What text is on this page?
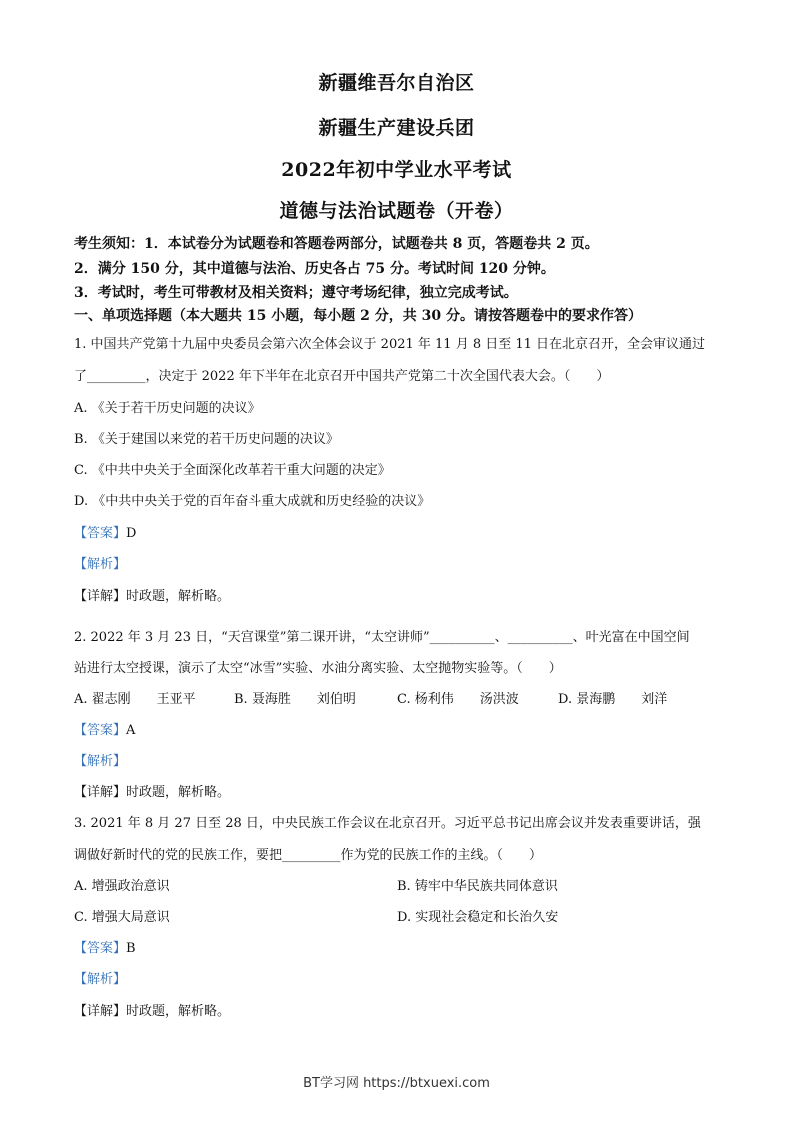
新疆维吾尔自治区
新疆生产建设兵团
2022年初中学业水平考试
道德与法治试题卷（开卷）
考生须知：1．本试卷分为试题卷和答题卷两部分，试题卷共 8 页，答题卷共 2 页。
2．满分 150 分，其中道德与法治、历史各占 75 分。考试时间 120 分钟。
3．考试时，考生可带教材及相关资料；遵守考场纪律，独立完成考试。
一、单项选择题（本大题共 15 小题，每小题 2 分，共 30 分。请按答题卷中的要求作答）
1. 中国共产党第十九届中央委员会第六次全体会议于 2021 年 11 月 8 日至 11 日在北京召开，全会审议通过
了_________，决定于 2022 年下半年在北京召开中国共产党第二十次全国代表大会。（　　）
A. 《关于若干历史问题的决议》
B. 《关于建国以来党的若干历史问题的决议》
C. 《中共中央关于全面深化改革若干重大问题的决定》
D. 《中共中央关于党的百年奋斗重大成就和历史经验的决议》
【答案】D
【解析】
【详解】时政题，解析略。
2. 2022 年 3 月 23 日，“天宫课堂”第二课开讲，“太空讲师”__________、__________、叶光富在中国空间
站进行太空授课，演示了太空“冰雪”实验、水油分离实验、太空抛物实验等。（　　）
A. 翟志刚　　王亚平	B. 聂海胜　　刘伯明	C. 杨利伟　　汤洪波	D. 景海鹏　　刘洋
【答案】A
【解析】
【详解】时政题，解析略。
3. 2021 年 8 月 27 日至 28 日，中央民族工作会议在北京召开。习近平总书记出席会议并发表重要讲话，强
调做好新时代的党的民族工作，要把_________作为党的民族工作的主线。（　　）
A. 增强政治意识	B. 铸牢中华民族共同体意识
C. 增强大局意识	D. 实现社会稳定和长治久安
【答案】B
【解析】
【详解】时政题，解析略。
BT学习网 https://btxuexi.com
